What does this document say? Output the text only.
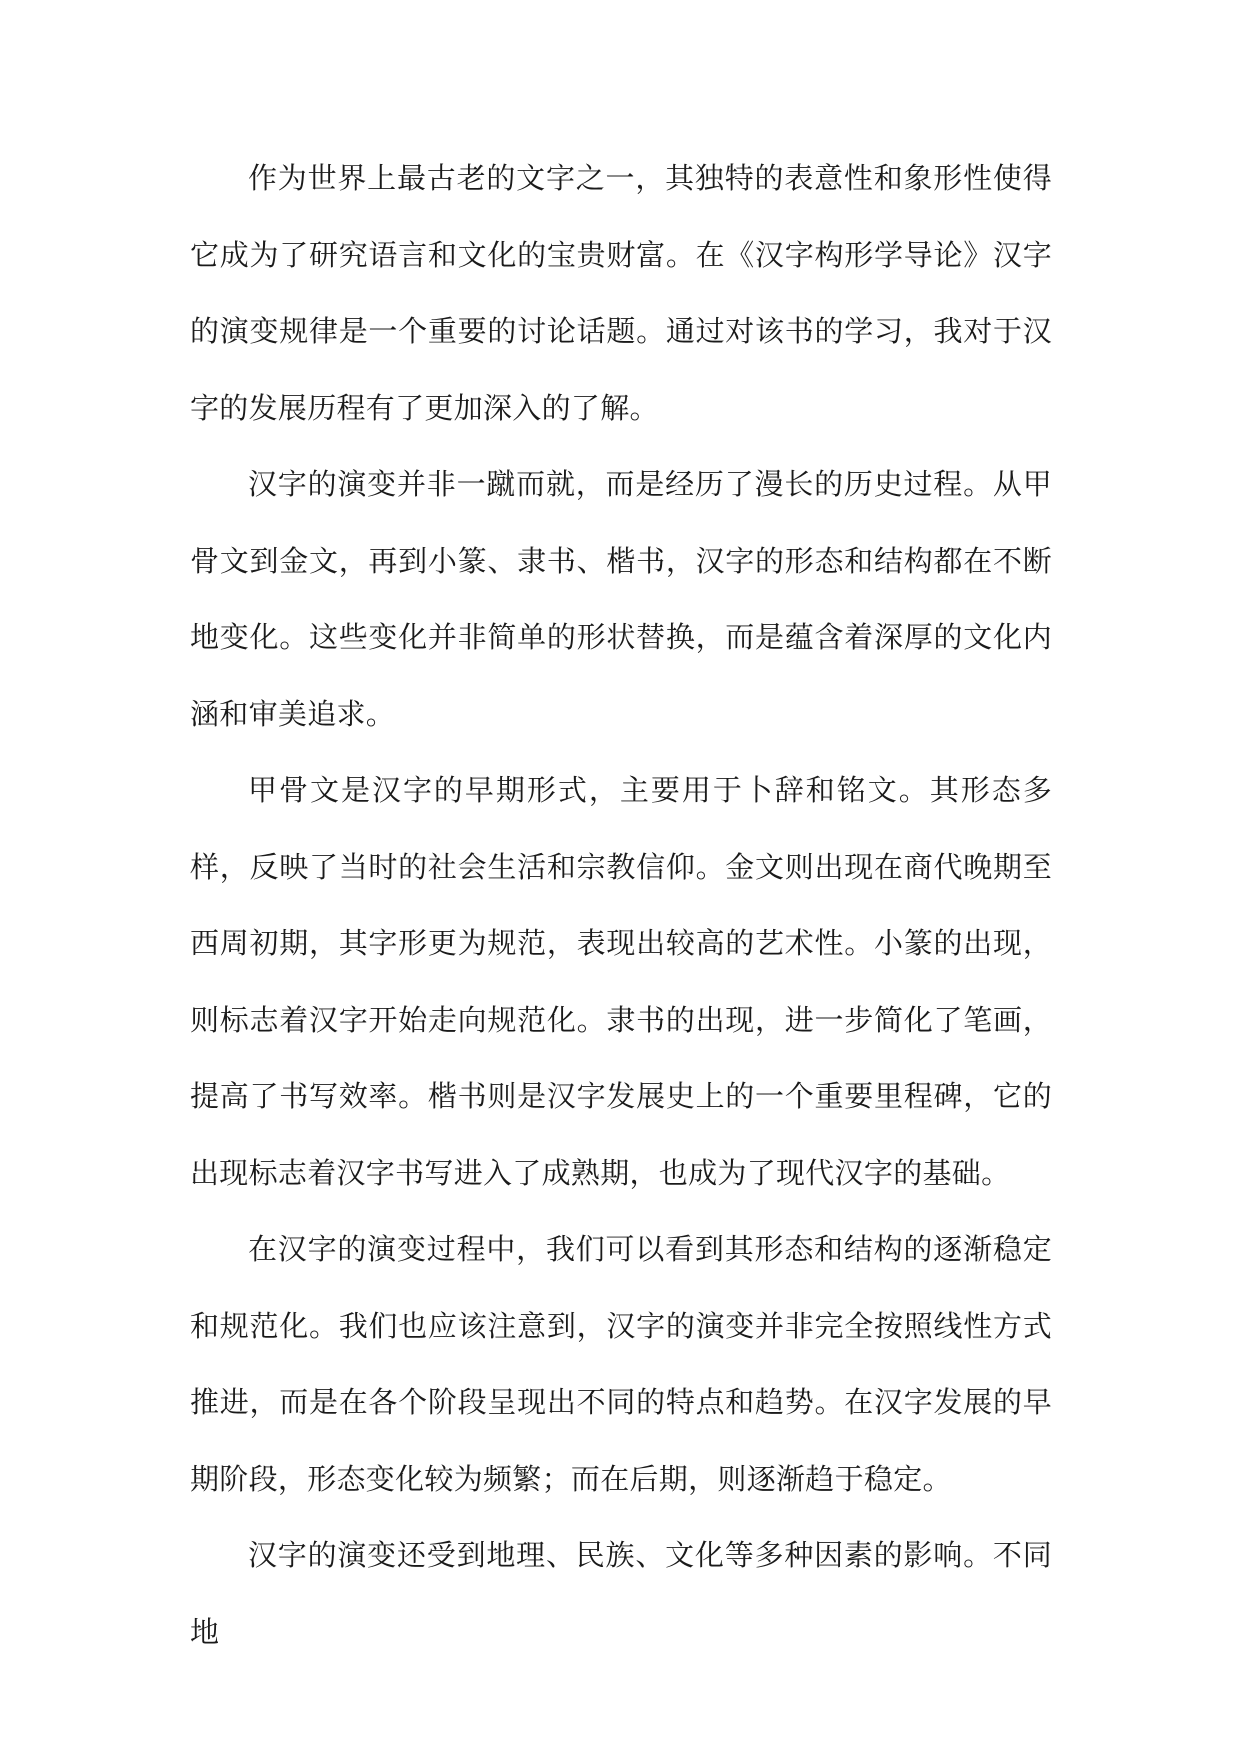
作为世界上最古老的文字之一，其独特的表意性和象形性使得它成为了研究语言和文化的宝贵财富。在《汉字构形学导论》汉字的演变规律是一个重要的讨论话题。通过对该书的学习，我对于汉字的发展历程有了更加深入的了解。

汉字的演变并非一蹴而就，而是经历了漫长的历史过程。从甲骨文到金文，再到小篆、隶书、楷书，汉字的形态和结构都在不断地变化。这些变化并非简单的形状替换，而是蕴含着深厚的文化内涵和审美追求。

甲骨文是汉字的早期形式，主要用于卜辞和铭文。其形态多样，反映了当时的社会生活和宗教信仰。金文则出现在商代晚期至西周初期，其字形更为规范，表现出较高的艺术性。小篆的出现，则标志着汉字开始走向规范化。隶书的出现，进一步简化了笔画，提高了书写效率。楷书则是汉字发展史上的一个重要里程碑，它的出现标志着汉字书写进入了成熟期，也成为了现代汉字的基础。

在汉字的演变过程中，我们可以看到其形态和结构的逐渐稳定和规范化。我们也应该注意到，汉字的演变并非完全按照线性方式推进，而是在各个阶段呈现出不同的特点和趋势。在汉字发展的早期阶段，形态变化较为频繁；而在后期，则逐渐趋于稳定。

汉字的演变还受到地理、民族、文化等多种因素的影响。不同地
